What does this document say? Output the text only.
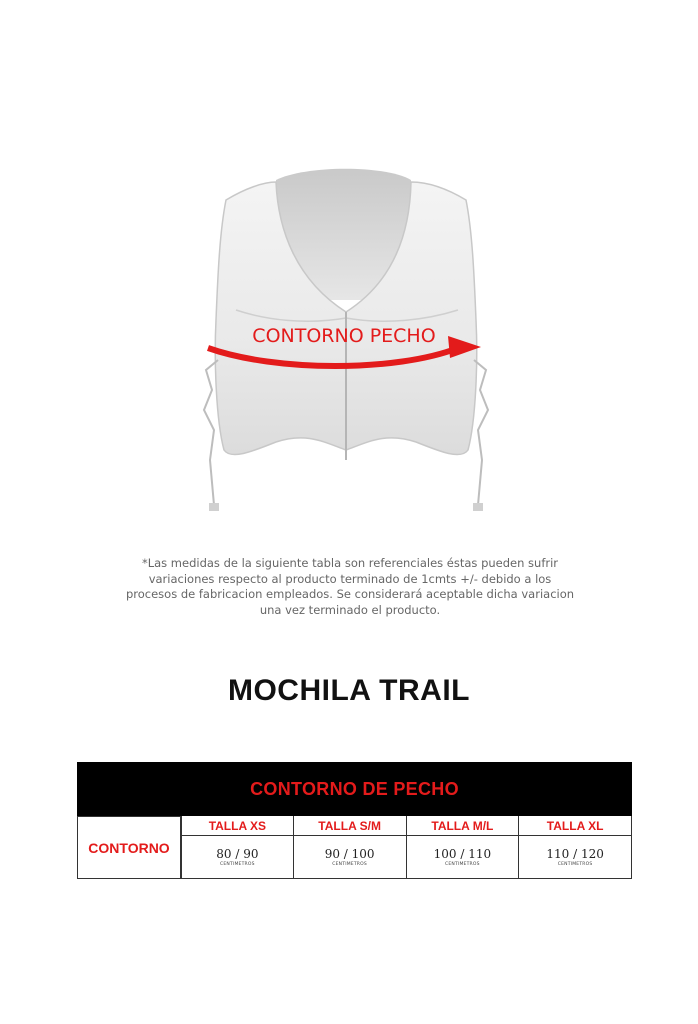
CONTORNO PECHO
*Las medidas de la siguiente tabla son referenciales éstas pueden sufrir
variaciones respecto al producto terminado de 1cmts +/- debido a los
procesos de fabricacion empleados. Se considerará aceptable dicha variacion
una vez terminado el producto.
MOCHILA TRAIL
CONTORNO DE PECHO
CONTORNO
TALLA XS
80 / 90
CENTIMETROS
TALLA S/M
90 / 100
CENTIMETROS
TALLA M/L
100 / 110
CENTIMETROS
TALLA XL
110 / 120
CENTIMETROS
